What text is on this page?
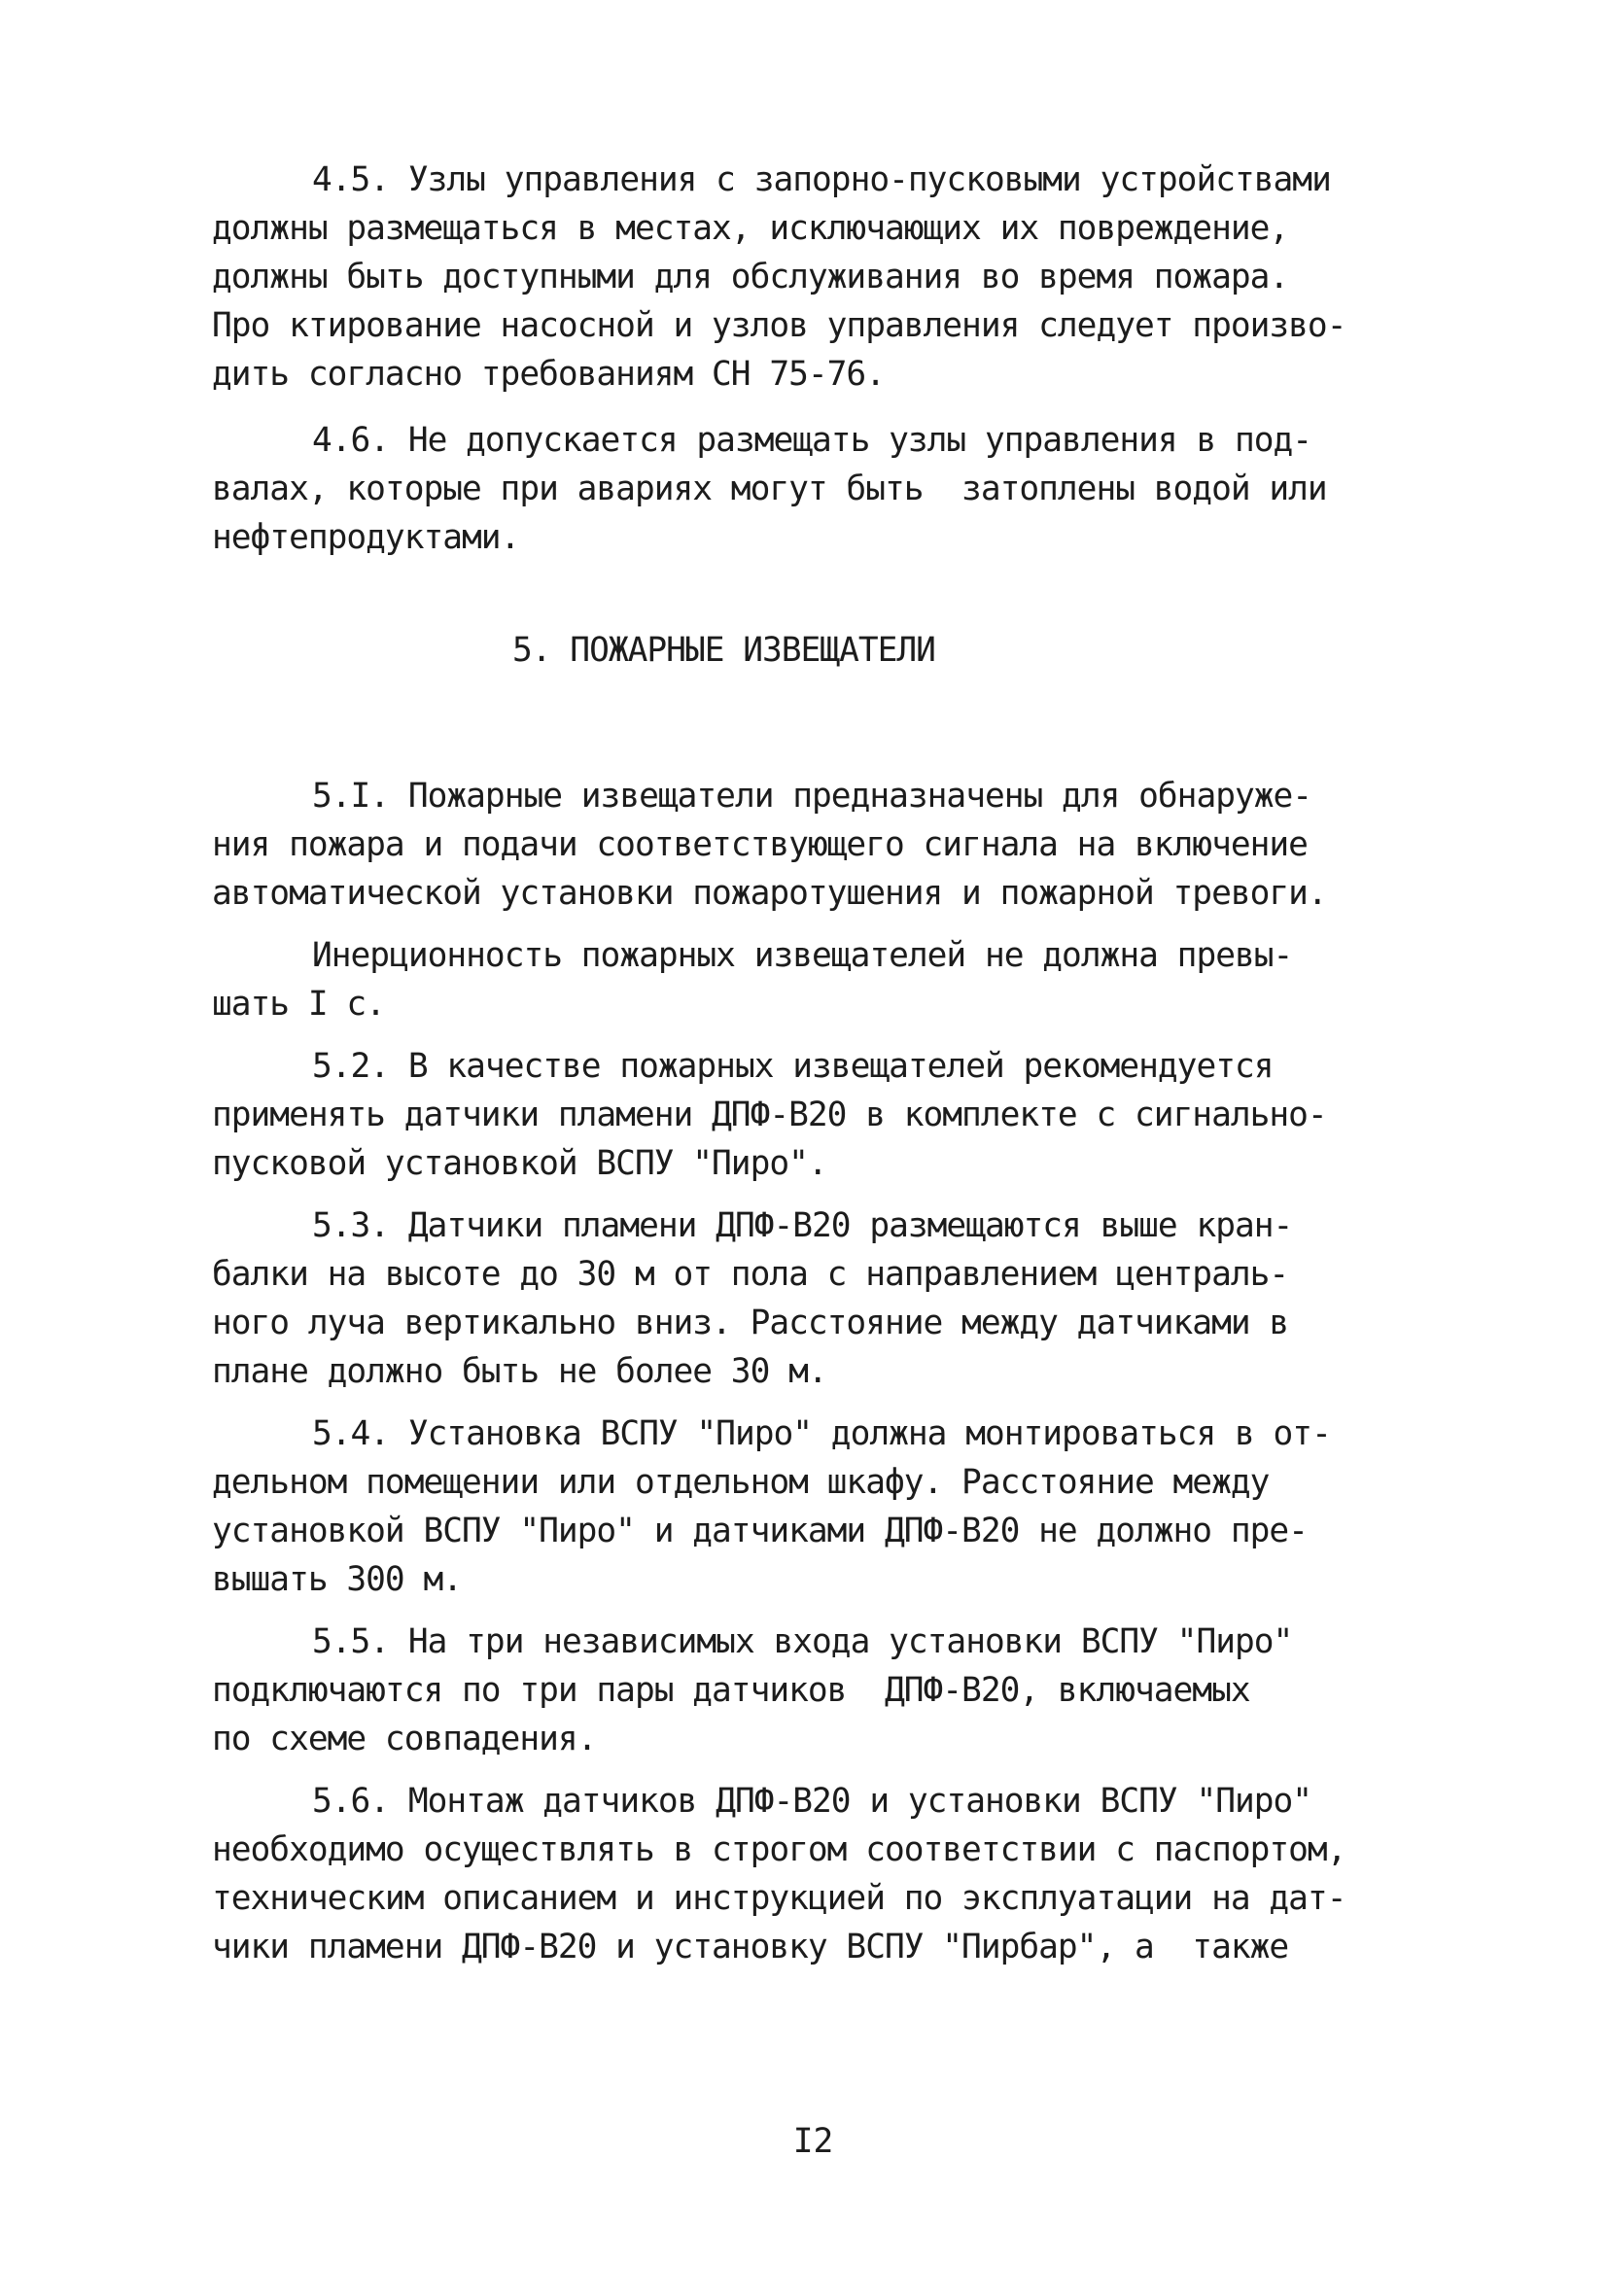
4.5. Узлы управления с запорно-пусковыми устройствами
должны размещаться в местах, исключающих их повреждение,
должны быть доступными для обслуживания во время пожара.
Про ктирование насосной и узлов управления следует произво-
дить согласно требованиям СН 75-76.
4.6. Не допускается размещать узлы управления в под-
валах, которые при авариях могут быть  затоплены водой или
нефтепродуктами.
5. ПОЖАРНЫЕ ИЗВЕЩАТЕЛИ
5.I. Пожарные извещатели предназначены для обнаруже-
ния пожара и подачи соответствующего сигнала на включение
автоматической установки пожаротушения и пожарной тревоги.
Инерционность пожарных извещателей не должна превы-
шать I с.
5.2. В качестве пожарных извещателей рекомендуется
применять датчики пламени ДПФ-В20 в комплекте с сигнально-
пусковой установкой ВСПУ "Пиро".
5.3. Датчики пламени ДПФ-В20 размещаются выше кран-
балки на высоте до 30 м от пола с направлением централь-
ного луча вертикально вниз. Расстояние между датчиками в
плане должно быть не более 30 м.
5.4. Установка ВСПУ "Пиро" должна монтироваться в от-
дельном помещении или отдельном шкафу. Расстояние между
установкой ВСПУ "Пиро" и датчиками ДПФ-В20 не должно пре-
вышать 300 м.
5.5. На три независимых входа установки ВСПУ "Пиро"
подключаются по три пары датчиков  ДПФ-В20, включаемых
по схеме совпадения.
5.6. Монтаж датчиков ДПФ-В20 и установки ВСПУ "Пиро"
необходимо осуществлять в строгом соответствии с паспортом,
техническим описанием и инструкцией по эксплуатации на дат-
чики пламени ДПФ-В20 и установку ВСПУ "Пирбар", а  также
I2
